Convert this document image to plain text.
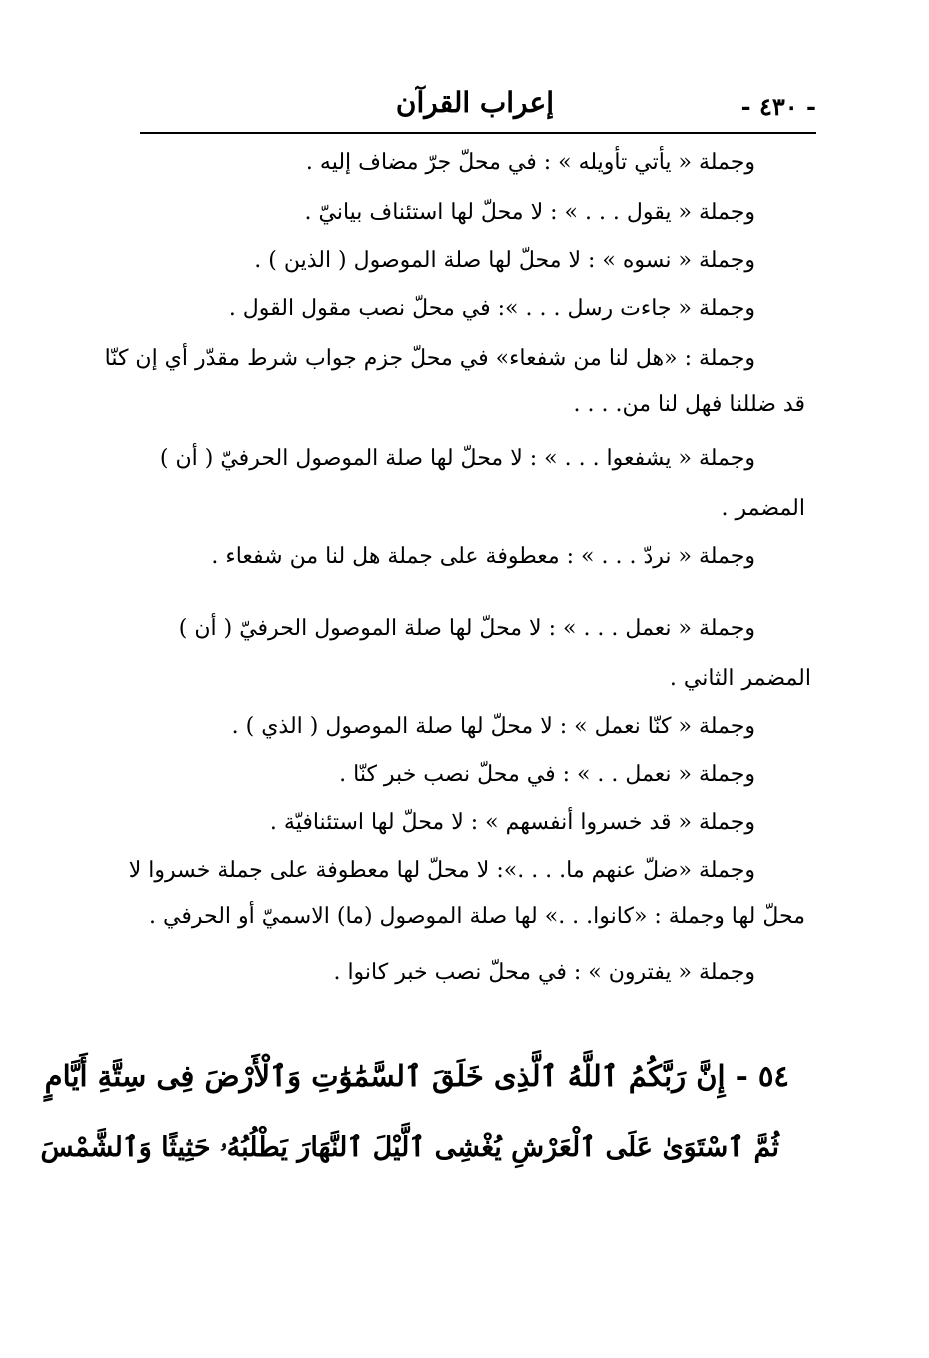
- ٤٣٠ -
إعراب القرآن
وجملة « يأتي تأويله » : في محلّ جرّ مضاف إليه .
وجملة « يقول . . . » : لا محلّ لها استئناف بيانيّ .
وجملة « نسوه » : لا محلّ لها صلة الموصول ( الذين ) .
وجملة « جاءت رسل . . . »: في محلّ نصب مقول القول .
وجملة : «هل لنا من شفعاء» في محلّ جزم جواب شرط مقدّر أي إن كنّا
قد ضللنا فهل لنا من. . . .
وجملة « يشفعوا . . . » : لا محلّ لها صلة الموصول الحرفيّ ( أن )
المضمر .
وجملة « نردّ . . . » : معطوفة على جملة هل لنا من شفعاء .
وجملة « نعمل . . . » : لا محلّ لها صلة الموصول الحرفيّ ( أن )
المضمر الثاني .
وجملة « كنّا نعمل » : لا محلّ لها صلة الموصول ( الذي ) .
وجملة « نعمل . . » : في محلّ نصب خبر كنّا .
وجملة « قد خسروا أنفسهم » : لا محلّ لها استئنافيّة .
وجملة «ضلّ عنهم ما. . . .»: لا محلّ لها معطوفة على جملة خسروا لا
محلّ لها وجملة : «كانوا. . .» لها صلة الموصول (ما) الاسميّ أو الحرفي .
وجملة « يفترون » : في محلّ نصب خبر كانوا .
٥٤ - إِنَّ رَبَّكُمُ ٱللَّهُ ٱلَّذِى خَلَقَ ٱلسَّمَٰوَٰتِ وَٱلْأَرْضَ فِى سِتَّةِ أَيَّامٍ
ثُمَّ ٱسْتَوَىٰ عَلَى ٱلْعَرْشِ يُغْشِى ٱلَّيْلَ ٱلنَّهَارَ يَطْلُبُهُۥ حَثِيثًا وَٱلشَّمْسَ
